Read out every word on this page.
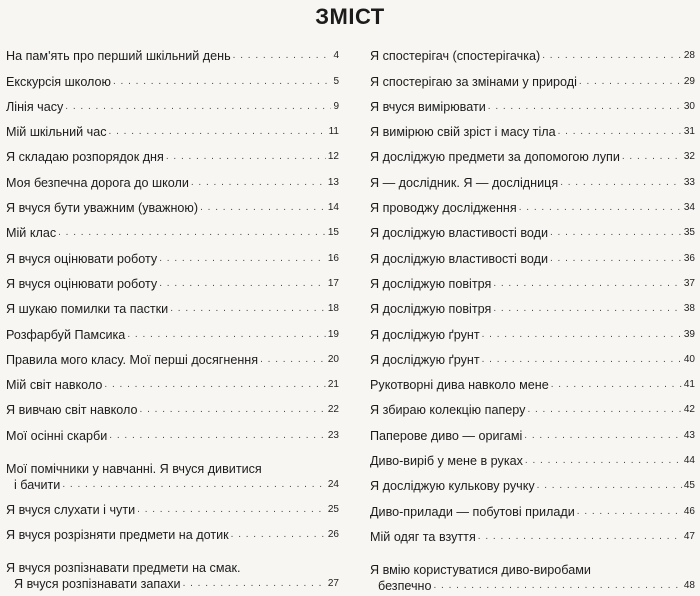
ЗМІСТ
На пам'ять про перший шкільний день . . .	4
Екскурсія школою . . .	5
Лінія часу . . .	9
Мій шкільний час . . .	11
Я складаю розпорядок дня . . .	12
Моя безпечна дорога до школи . . .	13
Я вчуся бути уважним (уважною) . . .	14
Мій клас . . .	15
Я вчуся оцінювати роботу . . .	16
Я вчуся оцінювати роботу . . .	17
Я шукаю помилки та пастки . . .	18
Розфарбуй Памсика . . .	19
Правила мого класу. Мої перші досягнення . . .	20
Мій світ навколо . . .	21
Я вивчаю світ навколо . . .	22
Мої осінні скарби . . .	23
Мої помічники у навчанні. Я вчуся дивитися
і бачити . . .	24
Я вчуся слухати і чути . . .	25
Я вчуся розрізняти предмети на дотик . . .	26
Я вчуся розпізнавати предмети на смак.
Я вчуся розпізнавати запахи . . .	27
Я спостерігач (спостерігачка) . . .	28
Я спостерігаю за змінами у природі . . .	29
Я вчуся вимірювати . . .	30
Я вимірюю свій зріст і масу тіла . . .	31
Я досліджую предмети за допомогою лупи . . .	32
Я — дослідник. Я — дослідниця . . .	33
Я проводжу дослідження . . .	34
Я досліджую властивості води . . .	35
Я досліджую властивості води . . .	36
Я досліджую повітря . . .	37
Я досліджую повітря . . .	38
Я досліджую ґрунт . . .	39
Я досліджую ґрунт . . .	40
Рукотворні дива навколо мене . . .	41
Я збираю колекцію паперу . . .	42
Паперове диво — оригамі . . .	43
Диво-виріб у мене в руках . . .	44
Я досліджую кулькову ручку . . .	45
Диво-прилади — побутові прилади . . .	46
Мій одяг та взуття . . .	47
Я вмію користуватися диво-виробами
безпечно . . .	48
